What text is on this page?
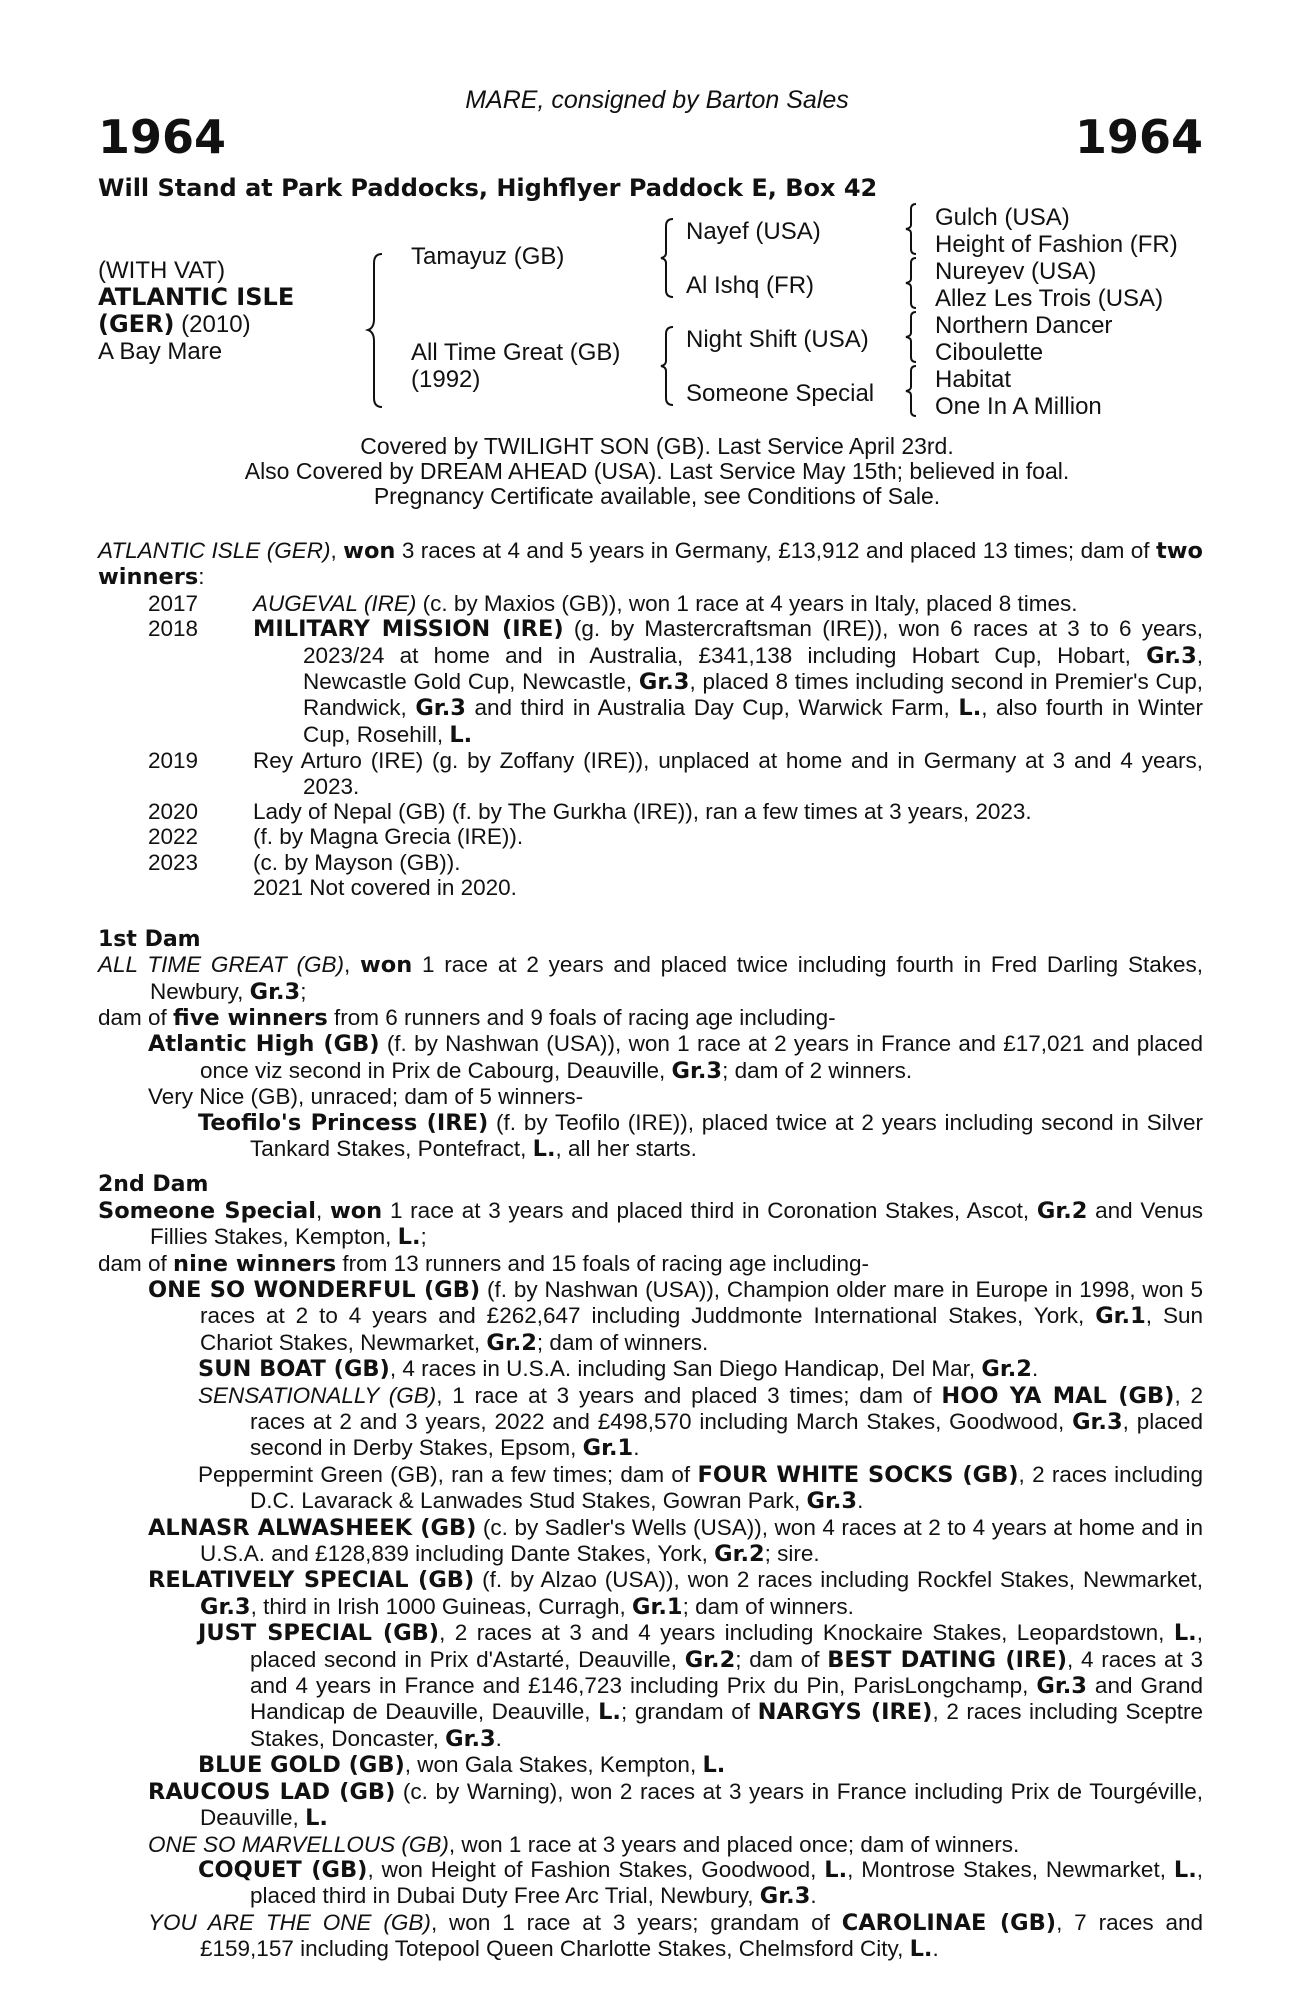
MARE, consigned by Barton Sales
1964	1964
Will Stand at Park Paddocks, Highflyer Paddock E, Box 42
(WITH VAT)
ATLANTIC ISLE
(GER) (2010)
A Bay Mare
Tamayuz (GB)
All Time Great (GB)
(1992)
Nayef (USA)
Al Ishq (FR)
Night Shift (USA)
Someone Special
Gulch (USA)
Height of Fashion (FR)
Nureyev (USA)
Allez Les Trois (USA)
Northern Dancer
Ciboulette
Habitat
One In A Million
Covered by TWILIGHT SON (GB). Last Service April 23rd.
Also Covered by DREAM AHEAD (USA). Last Service May 15th; believed in foal.
Pregnancy Certificate available, see Conditions of Sale.

ATLANTIC ISLE (GER), won 3 races at 4 and 5 years in Germany, £13,912 and placed 13 times; dam of two winners:

2017 AUGEVAL (IRE) (c. by Maxios (GB)), won 1 race at 4 years in Italy, placed 8 times.

2018 MILITARY MISSION (IRE) (g. by Mastercraftsman (IRE)), won 6 races at 3 to 6 years, 2023/24 at home and in Australia, £341,138 including Hobart Cup, Hobart, Gr.3, Newcastle Gold Cup, Newcastle, Gr.3, placed 8 times including second in Premier's Cup, Randwick, Gr.3 and third in Australia Day Cup, Warwick Farm, L., also fourth in Winter Cup, Rosehill, L.

2019 Rey Arturo (IRE) (g. by Zoffany (IRE)), unplaced at home and in Germany at 3 and 4 years, 2023.

2020 Lady of Nepal (GB) (f. by The Gurkha (IRE)), ran a few times at 3 years, 2023.

2022 (f. by Magna Grecia (IRE)).

2023 (c. by Mayson (GB)).

2021 Not covered in 2020.

1st Dam

ALL TIME GREAT (GB), won 1 race at 2 years and placed twice including fourth in Fred Darling Stakes, Newbury, Gr.3;

dam of five winners from 6 runners and 9 foals of racing age including-

Atlantic High (GB) (f. by Nashwan (USA)), won 1 race at 2 years in France and £17,021 and placed once viz second in Prix de Cabourg, Deauville, Gr.3; dam of 2 winners.

Very Nice (GB), unraced; dam of 5 winners-

Teofilo's Princess (IRE) (f. by Teofilo (IRE)), placed twice at 2 years including second in Silver Tankard Stakes, Pontefract, L., all her starts.

2nd Dam

Someone Special, won 1 race at 3 years and placed third in Coronation Stakes, Ascot, Gr.2 and Venus Fillies Stakes, Kempton, L.;

dam of nine winners from 13 runners and 15 foals of racing age including-

ONE SO WONDERFUL (GB) (f. by Nashwan (USA)), Champion older mare in Europe in 1998, won 5 races at 2 to 4 years and £262,647 including Juddmonte International Stakes, York, Gr.1, Sun Chariot Stakes, Newmarket, Gr.2; dam of winners.

SUN BOAT (GB), 4 races in U.S.A. including San Diego Handicap, Del Mar, Gr.2.

SENSATIONALLY (GB), 1 race at 3 years and placed 3 times; dam of HOO YA MAL (GB), 2 races at 2 and 3 years, 2022 and £498,570 including March Stakes, Goodwood, Gr.3, placed second in Derby Stakes, Epsom, Gr.1.

Peppermint Green (GB), ran a few times; dam of FOUR WHITE SOCKS (GB), 2 races including D.C. Lavarack & Lanwades Stud Stakes, Gowran Park, Gr.3.

ALNASR ALWASHEEK (GB) (c. by Sadler's Wells (USA)), won 4 races at 2 to 4 years at home and in U.S.A. and £128,839 including Dante Stakes, York, Gr.2; sire.

RELATIVELY SPECIAL (GB) (f. by Alzao (USA)), won 2 races including Rockfel Stakes, Newmarket, Gr.3, third in Irish 1000 Guineas, Curragh, Gr.1; dam of winners.

JUST SPECIAL (GB), 2 races at 3 and 4 years including Knockaire Stakes, Leopardstown, L., placed second in Prix d'Astarté, Deauville, Gr.2; dam of BEST DATING (IRE), 4 races at 3 and 4 years in France and £146,723 including Prix du Pin, ParisLongchamp, Gr.3 and Grand Handicap de Deauville, Deauville, L.; grandam of NARGYS (IRE), 2 races including Sceptre Stakes, Doncaster, Gr.3.

BLUE GOLD (GB), won Gala Stakes, Kempton, L.

RAUCOUS LAD (GB) (c. by Warning), won 2 races at 3 years in France including Prix de Tourgéville, Deauville, L.

ONE SO MARVELLOUS (GB), won 1 race at 3 years and placed once; dam of winners.

COQUET (GB), won Height of Fashion Stakes, Goodwood, L., Montrose Stakes, Newmarket, L., placed third in Dubai Duty Free Arc Trial, Newbury, Gr.3.

YOU ARE THE ONE (GB), won 1 race at 3 years; grandam of CAROLINAE (GB), 7 races and £159,157 including Totepool Queen Charlotte Stakes, Chelmsford City, L..
